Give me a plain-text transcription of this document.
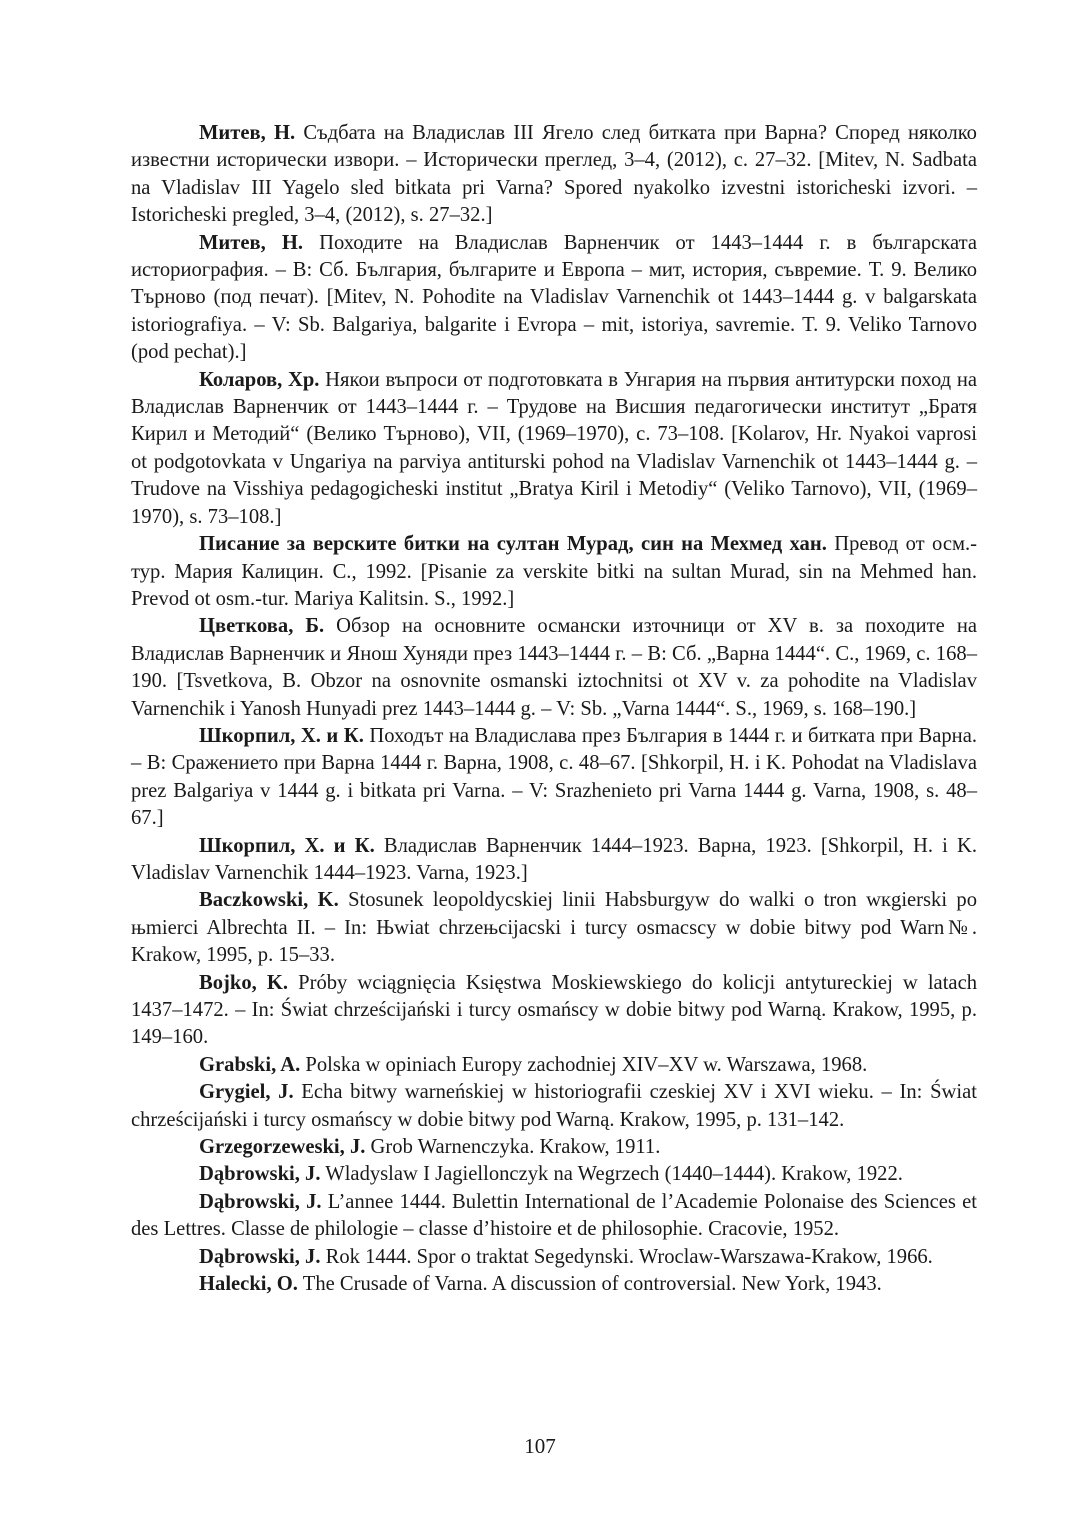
Митев, Н. Съдбата на Владислав III Ягело след битката при Варна? Според няколко известни исторически извори. – Исторически преглед, 3–4, (2012), с. 27–32. [Mitev, N. Sadbata na Vladislav III Yagelo sled bitkata pri Varna? Spored nyakolko izvestni istoricheski izvori. – Istoricheski pregled, 3–4, (2012), s. 27–32.]

Митев, Н. Походите на Владислав Варненчик от 1443–1444 г. в българската историография. – В: Сб. България, българите и Европа – мит, история, съвремие. Т. 9. Велико Търново (под печат). [Mitev, N. Pohodite na Vladislav Varnenchik ot 1443–1444 g. v balgarskata istoriografiya. – V: Sb. Balgariya, balgarite i Evropa – mit, istoriya, savremie. T. 9. Veliko Tarnovo (pod pechat).]

Коларов, Хр. Някои въпроси от подготовката в Унгария на първия антитурски поход на Владислав Варненчик от 1443–1444 г. – Трудове на Висшия педагогически институт „Братя Кирил и Методий“ (Велико Търново), VII, (1969–1970), с. 73–108. [Kolarov, Hr. Nyakoi vaprosi ot podgotovkata v Ungariya na parviya antiturski pohod na Vladislav Varnenchik ot 1443–1444 g. – Trudove na Visshiya pedagogicheski institut „Bratya Kiril i Metodiy“ (Veliko Tarnovo), VII, (1969–1970), s. 73–108.]

Писание за верските битки на султан Мурад, син на Мехмед хан. Превод от осм.-тур. Мария Калицин. С., 1992. [Pisanie za verskite bitki na sultan Murad, sin na Mehmed han. Prevod ot osm.-tur. Mariya Kalitsin. S., 1992.]

Цветкова, Б. Обзор на основните османски източници от XV в. за походите на Владислав Варненчик и Янош Хуняди през 1443–1444 г. – В: Сб. „Варна 1444“. С., 1969, с. 168–190. [Tsvetkova, B. Obzor na osnovnite osmanski iztochnitsi ot XV v. za pohodite na Vladislav Varnenchik i Yanosh Hunyadi prez 1443–1444 g. – V: Sb. „Varna 1444“. S., 1969, s. 168–190.]

Шкорпил, Х. и К. Походът на Владислава през България в 1444 г. и битката при Варна. – В: Сражението при Варна 1444 г. Варна, 1908, с. 48–67. [Shkorpil, H. i K. Pohodat na Vladislava prez Balgariya v 1444 g. i bitkata pri Varna. – V: Srazhenieto pri Varna 1444 g. Varna, 1908, s. 48–67.]

Шкорпил, Х. и К. Владислав Варненчик 1444–1923. Варна, 1923. [Shkorpil, H. i K. Vladislav Varnenchik 1444–1923. Varna, 1923.]

Baczkowski, K. Stosunek leopoldycskiej linii Habsburgyw do walki o tron wкgierski po њmierci Albrechta II. – In: Њwiat chrzeњcijacski i turcy osmacscy w dobie bitwy pod Warn№. Krakow, 1995, p. 15–33.

Bojko, K. Próby wciągnięcia Księstwa Moskiewskiego do kolicji antytureckiej w latach 1437–1472. – In: Świat chrześcijański i turcy osmańscy w dobie bitwy pod Warną. Krakow, 1995, p. 149–160.

Grabski, A. Polska w opiniach Europy zachodniej XIV–XV w. Warszawa, 1968.

Grygiel, J. Echa bitwy warneńskiej w historiografii czeskiej XV i XVI wieku. – In: Świat chrześcijański i turcy osmańscy w dobie bitwy pod Warną. Krakow, 1995, p. 131–142.

Grzegorzeweski, J. Grob Warnenczyka. Krakow, 1911.

Dąbrowski, J. Wladyslaw I Jagiellonczyk na Wegrzech (1440–1444). Krakow, 1922.

Dąbrowski, J. L’annee 1444. Bulettin International de l’Academie Polonaise des Sciences et des Lettres. Classe de philologie – classe d’histoire et de philosophie. Cracovie, 1952.

Dąbrowski, J. Rok 1444. Spor o traktat Segedynski. Wroclaw-Warszawa-Krakow, 1966.

Halecki, O. The Crusade of Varna. A discussion of controversial. New York, 1943.

107
